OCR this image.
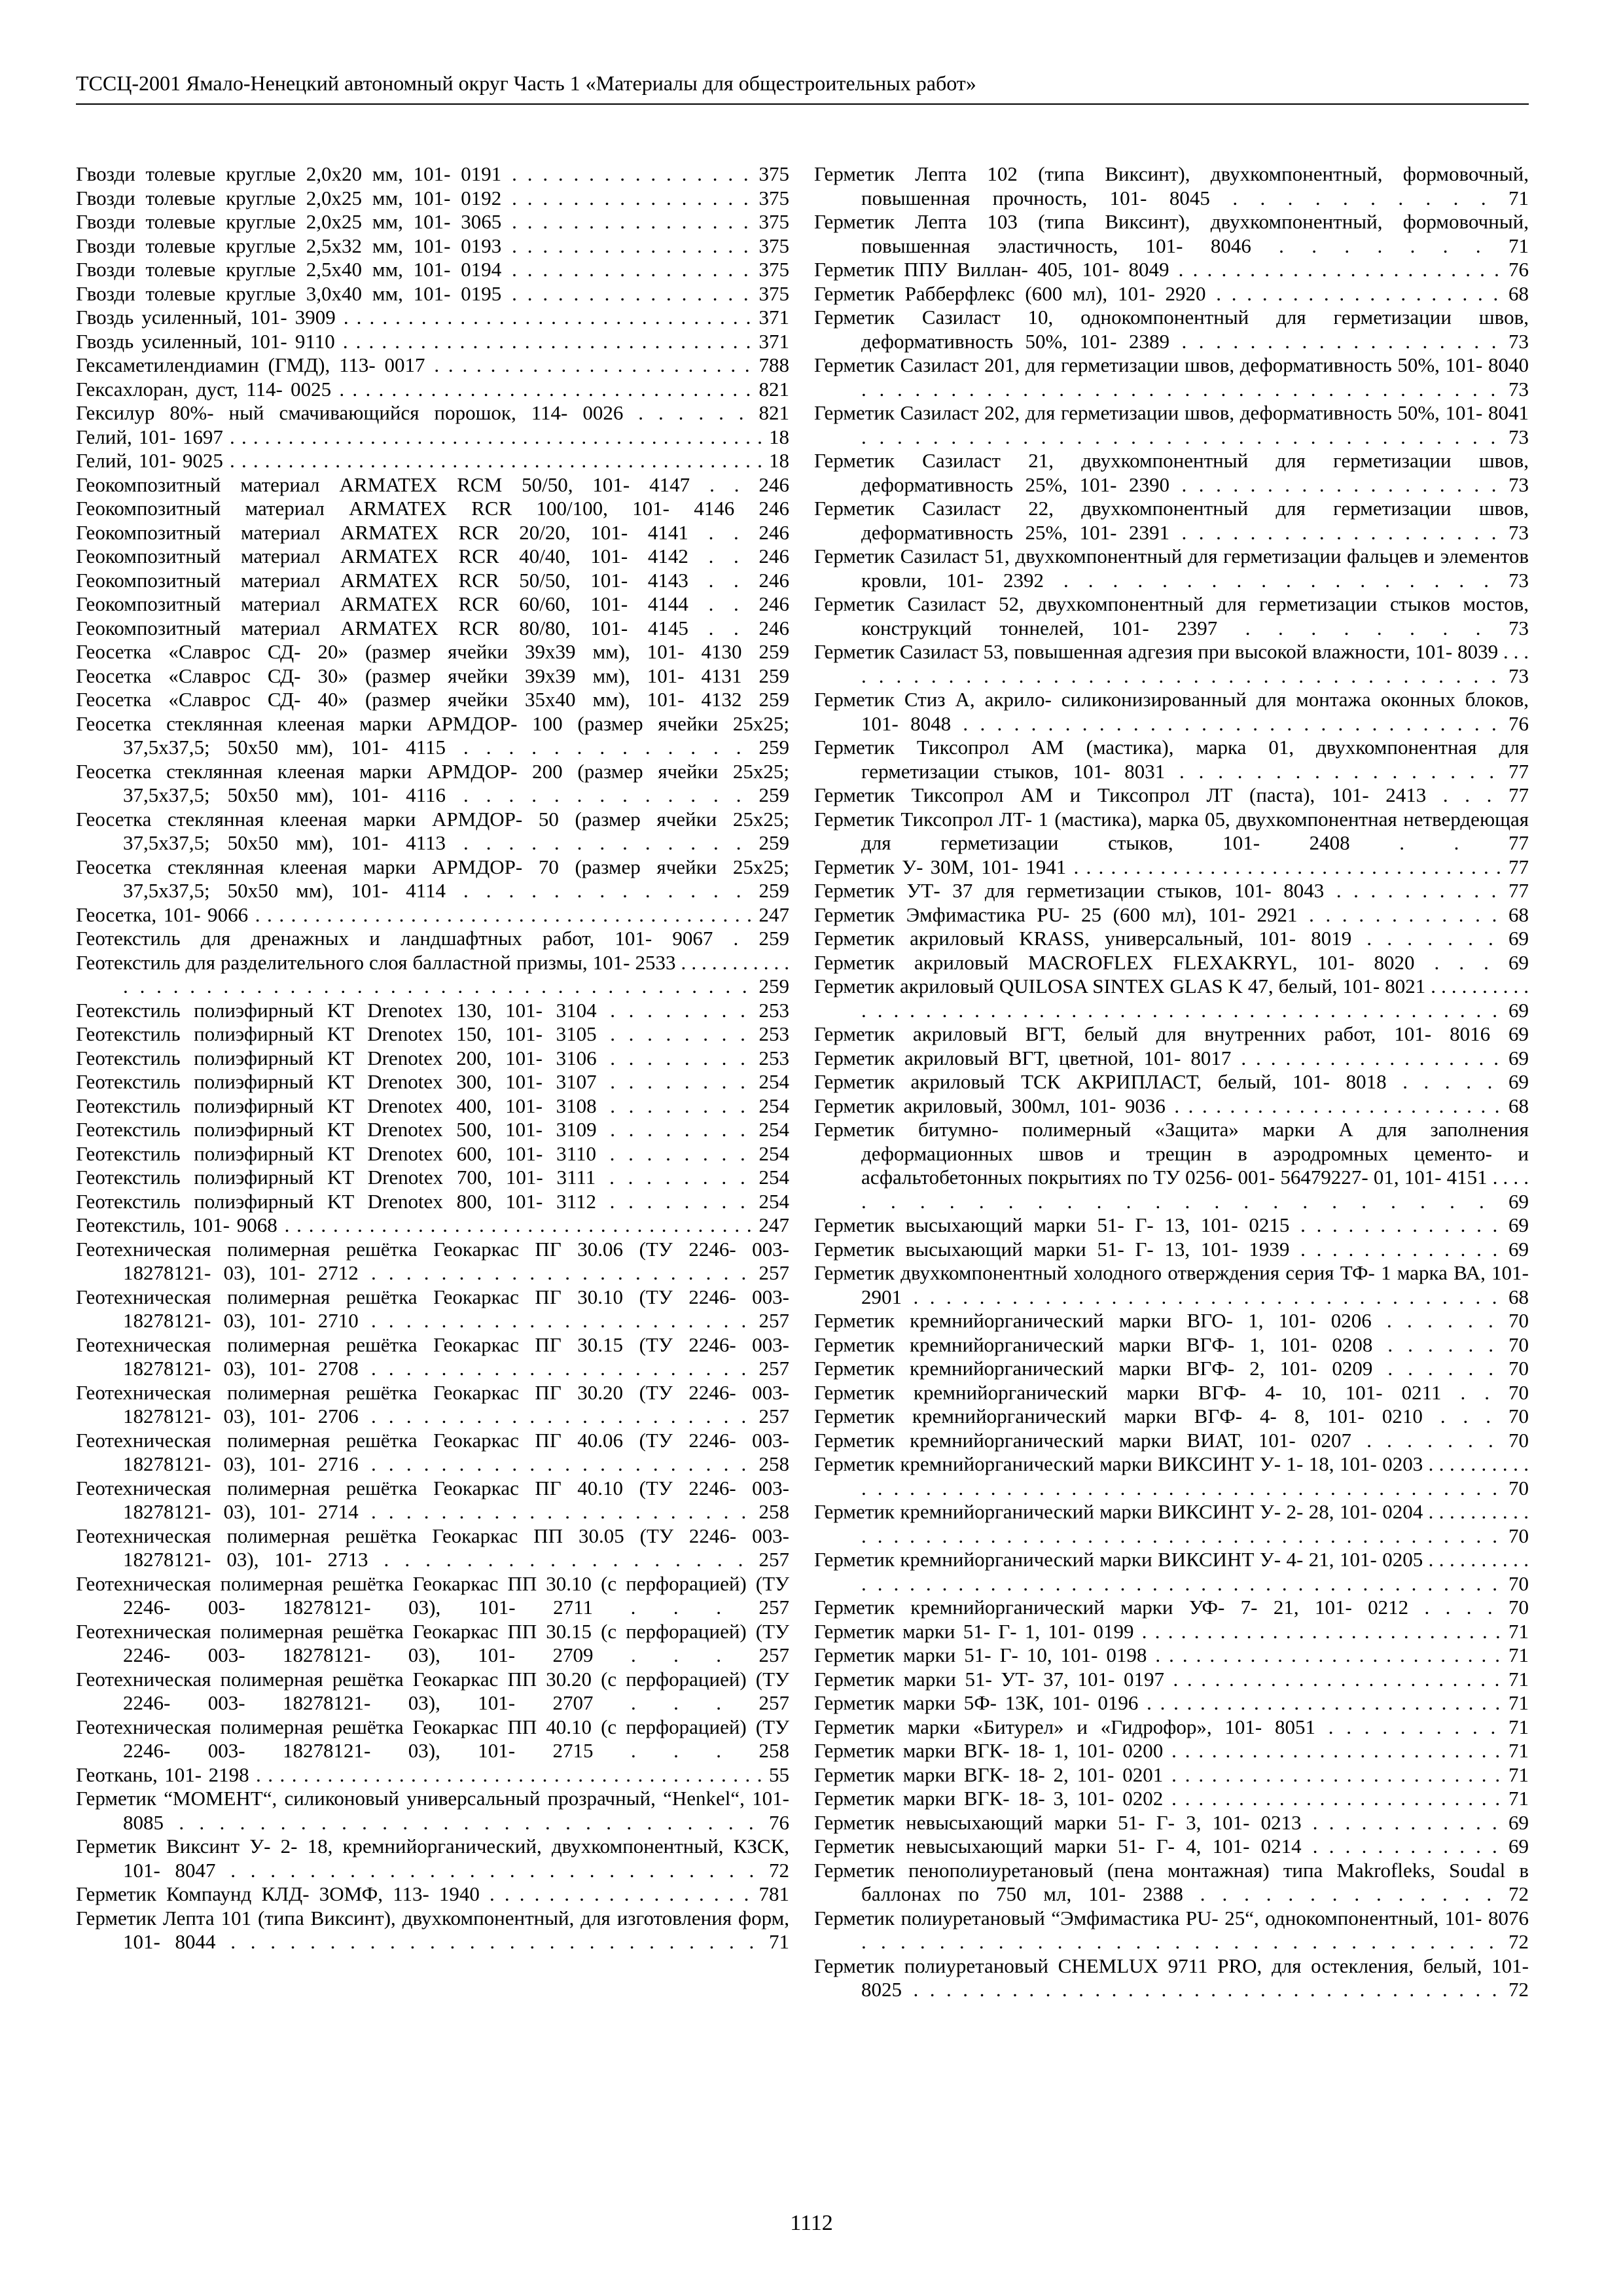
ТССЦ-2001 Ямало-Ненецкий автономный округ Часть 1 «Материалы для общестроительных работ»

Гвозди толевые круглые 2,0х20 мм, 101- 0191 . . . . . . . . . . . . . . . . 375

Гвозди толевые круглые 2,0х25 мм, 101- 0192 . . . . . . . . . . . . . . . . 375

Гвозди толевые круглые 2,0х25 мм, 101- 3065 . . . . . . . . . . . . . . . . 375

Гвозди толевые круглые 2,5х32 мм, 101- 0193 . . . . . . . . . . . . . . . . 375

Гвозди толевые круглые 2,5х40 мм, 101- 0194 . . . . . . . . . . . . . . . . 375

Гвозди толевые круглые 3,0х40 мм, 101- 0195 . . . . . . . . . . . . . . . . 375

Гвоздь усиленный, 101- 3909 . . . . . . . . . . . . . . . . . . . . . . . . . . . . . . . . 371

Гвоздь усиленный, 101- 9110 . . . . . . . . . . . . . . . . . . . . . . . . . . . . . . . . 371

Гексаметилендиамин (ГМД), 113- 0017 . . . . . . . . . . . . . . . . . . . . . . . 788

Гексахлоран, дуст, 114- 0025 . . . . . . . . . . . . . . . . . . . . . . . . . . . . . . . . 821

Гексилур 80%- ный смачивающийся порошок, 114- 0026 . . . . . . 821

Гелий, 101- 1697 . . . . . . . . . . . . . . . . . . . . . . . . . . . . . . . . . . . . . . . . . . . . . . 18

Гелий, 101- 9025 . . . . . . . . . . . . . . . . . . . . . . . . . . . . . . . . . . . . . . . . . . . . . . 18

Геокомпозитный материал ARMATEX RCM 50/50, 101- 4147 . . 246

Геокомпозитный материал ARMATEX RCR 100/100, 101- 4146 246

Геокомпозитный материал ARMATEX RCR 20/20, 101- 4141 . . 246

Геокомпозитный материал ARMATEX RCR 40/40, 101- 4142 . . 246

Геокомпозитный материал ARMATEX RCR 50/50, 101- 4143 . . 246

Геокомпозитный материал ARMATEX RCR 60/60, 101- 4144 . . 246

Геокомпозитный материал ARMATEX RCR 80/80, 101- 4145 . . 246

Геосетка «Славрос СД- 20» (размер ячейки 39х39 мм), 101- 4130 259

Геосетка «Славрос СД- 30» (размер ячейки 39х39 мм), 101- 4131 259

Геосетка «Славрос СД- 40» (размер ячейки 35х40 мм), 101- 4132 259

Геосетка стеклянная клееная марки АРМДОР- 100 (размер ячейки 25х25; 37,5х37,5; 50х50 мм), 101- 4115 . . . . . . . . . . . . . 259

Геосетка стеклянная клееная марки АРМДОР- 200 (размер ячейки 25х25; 37,5х37,5; 50х50 мм), 101- 4116 . . . . . . . . . . . . . 259

Геосетка стеклянная клееная марки АРМДОР- 50 (размер ячейки 25х25; 37,5х37,5; 50х50 мм), 101- 4113 . . . . . . . . . . . . . 259

Геосетка стеклянная клееная марки АРМДОР- 70 (размер ячейки 25х25; 37,5х37,5; 50х50 мм), 101- 4114 . . . . . . . . . . . . . 259

Геосетка, 101- 9066 . . . . . . . . . . . . . . . . . . . . . . . . . . . . . . . . . . . . . . . . . . 247

Геотекстиль для дренажных и ландшафтных работ, 101- 9067 . 259

Геотекстиль для разделительного слоя балластной призмы, 101- 2533 . . . . . . . . . . . . . . . . . . . . . . . . . . . . . . . . . . . . . . . . . . . . . . . . . 259

Геотекстиль полиэфирный KT Drenotex 130, 101- 3104 . . . . . . . . 253

Геотекстиль полиэфирный KT Drenotex 150, 101- 3105 . . . . . . . . 253

Геотекстиль полиэфирный KT Drenotex 200, 101- 3106 . . . . . . . . 253

Геотекстиль полиэфирный KT Drenotex 300, 101- 3107 . . . . . . . . 254

Геотекстиль полиэфирный KT Drenotex 400, 101- 3108 . . . . . . . . 254

Геотекстиль полиэфирный KT Drenotex 500, 101- 3109 . . . . . . . . 254

Геотекстиль полиэфирный KT Drenotex 600, 101- 3110 . . . . . . . . 254

Геотекстиль полиэфирный KT Drenotex 700, 101- 3111 . . . . . . . . 254

Геотекстиль полиэфирный KT Drenotex 800, 101- 3112 . . . . . . . . 254

Геотекстиль, 101- 9068 . . . . . . . . . . . . . . . . . . . . . . . . . . . . . . . . . . . . . . . 247

Геотехническая полимерная решётка Геокаркас ПГ 30.06 (ТУ 2246- 003- 18278121- 03), 101- 2712 . . . . . . . . . . . . . . . . . . . . . . 257

Геотехническая полимерная решётка Геокаркас ПГ 30.10 (ТУ 2246- 003- 18278121- 03), 101- 2710 . . . . . . . . . . . . . . . . . . . . . . 257

Геотехническая полимерная решётка Геокаркас ПГ 30.15 (ТУ 2246- 003- 18278121- 03), 101- 2708 . . . . . . . . . . . . . . . . . . . . . . 257

Геотехническая полимерная решётка Геокаркас ПГ 30.20 (ТУ 2246- 003- 18278121- 03), 101- 2706 . . . . . . . . . . . . . . . . . . . . . . 257

Геотехническая полимерная решётка Геокаркас ПГ 40.06 (ТУ 2246- 003- 18278121- 03), 101- 2716 . . . . . . . . . . . . . . . . . . . . . . 258

Геотехническая полимерная решётка Геокаркас ПГ 40.10 (ТУ 2246- 003- 18278121- 03), 101- 2714 . . . . . . . . . . . . . . . . . . . . . . 258

Геотехническая полимерная решётка Геокаркас ПП 30.05 (ТУ 2246- 003- 18278121- 03), 101- 2713 . . . . . . . . . . . . . . . . . . 257

Геотехническая полимерная решётка Геокаркас ПП 30.10 (с перфорацией) (ТУ 2246- 003- 18278121- 03), 101- 2711 . . . 257

Геотехническая полимерная решётка Геокаркас ПП 30.15 (с перфорацией) (ТУ 2246- 003- 18278121- 03), 101- 2709 . . . 257

Геотехническая полимерная решётка Геокаркас ПП 30.20 (с перфорацией) (ТУ 2246- 003- 18278121- 03), 101- 2707 . . . 257

Геотехническая полимерная решётка Геокаркас ПП 40.10 (с перфорацией) (ТУ 2246- 003- 18278121- 03), 101- 2715 . . . 258

Геоткань, 101- 2198 . . . . . . . . . . . . . . . . . . . . . . . . . . . . . . . . . . . . . . . . . . . 55

Герметик “МОМЕНТ“, силиконовый универсальный прозрачный, “Henkel“, 101- 8085 . . . . . . . . . . . . . . . . . . . . . . . . . . . . . 76

Герметик Виксинт У- 2- 18, кремнийорганический, двухкомпонентный, КЗСК, 101- 8047 . . . . . . . . . . . . . . . . . . . . . . . . . . . 72

Герметик Компаунд КЛД- 3ОМФ, 113- 1940 . . . . . . . . . . . . . . . . . . 781

Герметик Лепта 101 (типа Виксинт), двухкомпонентный, для изготовления форм, 101- 8044 . . . . . . . . . . . . . . . . . . . . . . . . . . . 71

Герметик Лепта 102 (типа Виксинт), двухкомпонентный, формовочный, повышенная прочность, 101- 8045 . . . . . . . . . . 71

Герметик Лепта 103 (типа Виксинт), двухкомпонентный, формовочный, повышенная эластичность, 101- 8046 . . . . . . . 71

Герметик ППУ Виллан- 405, 101- 8049 . . . . . . . . . . . . . . . . . . . . . . . 76

Герметик Рабберфлекс (600 мл), 101- 2920 . . . . . . . . . . . . . . . . . . . 68

Герметик Сазиласт 10, однокомпонентный для герметизации швов, деформативность 50%, 101- 2389 . . . . . . . . . . . . . . . . . . . 73

Герметик Сазиласт 201, для герметизации швов, деформативность 50%, 101- 8040 . . . . . . . . . . . . . . . . . . . . . . . . . . . . . . . . . . . . 73

Герметик Сазиласт 202, для герметизации швов, деформативность 50%, 101- 8041 . . . . . . . . . . . . . . . . . . . . . . . . . . . . . . . . . . . . 73

Герметик Сазиласт 21, двухкомпонентный для герметизации швов, деформативность 25%, 101- 2390 . . . . . . . . . . . . . . . . . . . 73

Герметик Сазиласт 22, двухкомпонентный для герметизации швов, деформативность 25%, 101- 2391 . . . . . . . . . . . . . . . . . . . 73

Герметик Сазиласт 51, двухкомпонентный для герметизации фальцев и элементов кровли, 101- 2392 . . . . . . . . . . . . . . . . . . 73

Герметик Сазиласт 52, двухкомпонентный для герметизации стыков мостов, конструкций тоннелей, 101- 2397 . . . . . . . . 73

Герметик Сазиласт 53, повышенная адгезия при высокой влажности, 101- 8039 . . . . . . . . . . . . . . . . . . . . . . . . . . . . . . . . . . . . . . . . 73

Герметик Стиз А, акрило- силиконизированный для монтажа оконных блоков, 101- 8048 . . . . . . . . . . . . . . . . . . . . . . . . . . . . . . . . 76

Герметик Тиксопрол АМ (мастика), марка 01, двухкомпонентная для герметизации стыков, 101- 8031 . . . . . . . . . . . . . . . . . 77

Герметик Тиксопрол АМ и Тиксопрол ЛТ (паста), 101- 2413 . . . 77

Герметик Тиксопрол ЛТ- 1 (мастика), марка 05, двухкомпонентная нетвердеющая для герметизации стыков, 101- 2408 . . 77

Герметик У- 30М, 101- 1941 . . . . . . . . . . . . . . . . . . . . . . . . . . . . . . . . . . . 77

Герметик УТ- 37 для герметизации стыков, 101- 8043 . . . . . . . . . . 77

Герметик Эмфимастика PU- 25 (600 мл), 101- 2921 . . . . . . . . . . . . 68

Герметик акриловый KRASS, универсальный, 101- 8019 . . . . . . . 69

Герметик акриловый MACROFLEX FLEXAKRYL, 101- 8020 . . . 69

Герметик акриловый QUILOSA SINTEX GLAS K 47, белый, 101- 8021 . . . . . . . . . . . . . . . . . . . . . . . . . . . . . . . . . . . . . . . . . . . . . . . . . . 69

Герметик акриловый ВГТ, белый для внутренних работ, 101- 8016 69

Герметик акриловый ВГТ, цветной, 101- 8017 . . . . . . . . . . . . . . . . . . 69

Герметик акриловый ТСК АКРИПЛАСТ, белый, 101- 8018 . . . . . 69

Герметик акриловый, 300мл, 101- 9036 . . . . . . . . . . . . . . . . . . . . . . . . 68

Герметик битумно- полимерный «Защита» марки А для заполнения деформационных швов и трещин в аэродромных цементо- и асфальтобетонных покрытиях по ТУ 0256- 001- 56479227- 01, 101- 4151 . . . . . . . . . . . . . . . . . . . . . . . . . . 69

Герметик высыхающий марки 51- Г- 13, 101- 0215 . . . . . . . . . . . . . 69

Герметик высыхающий марки 51- Г- 13, 101- 1939 . . . . . . . . . . . . . 69

Герметик двухкомпонентный холодного отверждения серия ТФ- 1 марка ВА, 101- 2901 . . . . . . . . . . . . . . . . . . . . . . . . . . . . . . . . . . . . 68

Герметик кремнийорганический марки ВГО- 1, 101- 0206 . . . . . . 70

Герметик кремнийорганический марки ВГФ- 1, 101- 0208 . . . . . . 70

Герметик кремнийорганический марки ВГФ- 2, 101- 0209 . . . . . . 70

Герметик кремнийорганический марки ВГФ- 4- 10, 101- 0211 . . 70

Герметик кремнийорганический марки ВГФ- 4- 8, 101- 0210 . . . 70

Герметик кремнийорганический марки ВИАТ, 101- 0207 . . . . . . . 70

Герметик кремнийорганический марки ВИКСИНТ У- 1- 18, 101- 0203 . . . . . . . . . . . . . . . . . . . . . . . . . . . . . . . . . . . . . . . . . . . . . . . . . . 70

Герметик кремнийорганический марки ВИКСИНТ У- 2- 28, 101- 0204 . . . . . . . . . . . . . . . . . . . . . . . . . . . . . . . . . . . . . . . . . . . . . . . . . . 70

Герметик кремнийорганический марки ВИКСИНТ У- 4- 21, 101- 0205 . . . . . . . . . . . . . . . . . . . . . . . . . . . . . . . . . . . . . . . . . . . . . . . . . . 70

Герметик кремнийорганический марки УФ- 7- 21, 101- 0212 . . . . 70

Герметик марки 51- Г- 1, 101- 0199 . . . . . . . . . . . . . . . . . . . . . . . . . . . . 71

Герметик марки 51- Г- 10, 101- 0198 . . . . . . . . . . . . . . . . . . . . . . . . . . 71

Герметик марки 51- УТ- 37, 101- 0197 . . . . . . . . . . . . . . . . . . . . . . . . 71

Герметик марки 5Ф- 13К, 101- 0196 . . . . . . . . . . . . . . . . . . . . . . . . . . . 71

Герметик марки «Битурел» и «Гидрофор», 101- 8051 . . . . . . . . . . 71

Герметик марки ВГК- 18- 1, 101- 0200 . . . . . . . . . . . . . . . . . . . . . . . . . 71

Герметик марки ВГК- 18- 2, 101- 0201 . . . . . . . . . . . . . . . . . . . . . . . . . 71

Герметик марки ВГК- 18- 3, 101- 0202 . . . . . . . . . . . . . . . . . . . . . . . . . 71

Герметик невысыхающий марки 51- Г- 3, 101- 0213 . . . . . . . . . . . . 69

Герметик невысыхающий марки 51- Г- 4, 101- 0214 . . . . . . . . . . . . 69

Герметик пенополиуретановый (пена монтажная) типа Makrofleks, Soudal в баллонах по 750 мл, 101- 2388 . . . . . . . . . . . . . . 72

Герметик полиуретановый “Эмфимастика PU- 25“, однокомпонентный, 101- 8076 . . . . . . . . . . . . . . . . . . . . . . . . . . . . . . . . . 72

Герметик полиуретановый CHEMLUX 9711 PRO, для остекления, белый, 101- 8025 . . . . . . . . . . . . . . . . . . . . . . . . . . . . . . . . . . . . 72

1112
